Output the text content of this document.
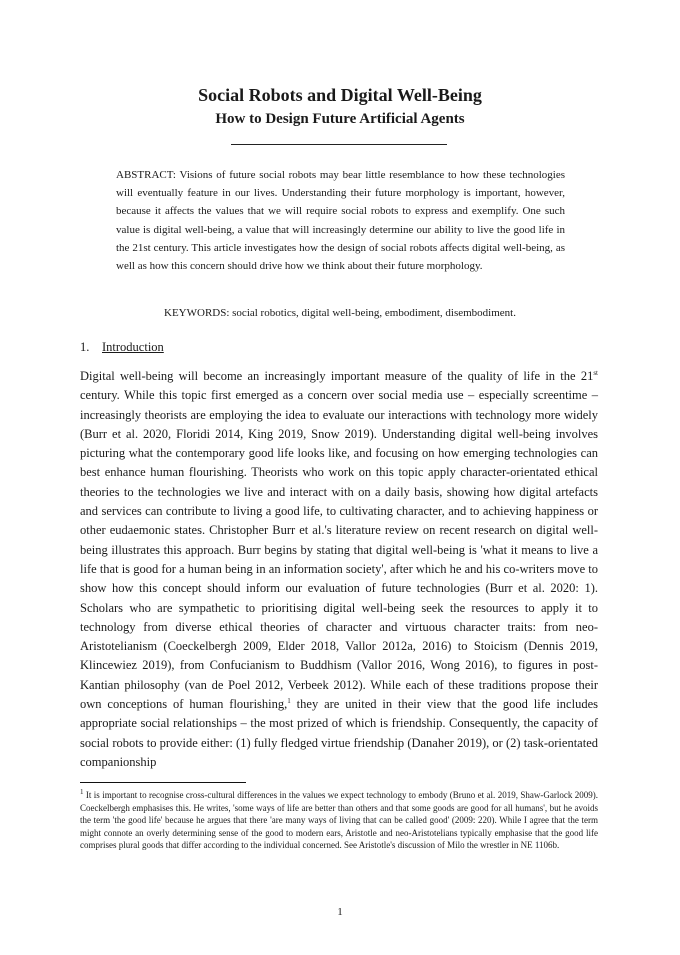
Social Robots and Digital Well-Being
How to Design Future Artificial Agents

ABSTRACT: Visions of future social robots may bear little resemblance to how these technologies will eventually feature in our lives. Understanding their future morphology is important, however, because it affects the values that we will require social robots to express and exemplify. One such value is digital well-being, a value that will increasingly determine our ability to live the good life in the 21st century. This article investigates how the design of social robots affects digital well-being, as well as how this concern should drive how we think about their future morphology.

KEYWORDS: social robotics, digital well-being, embodiment, disembodiment.
1. Introduction

Digital well-being will become an increasingly important measure of the quality of life in the 21st century. While this topic first emerged as a concern over social media use – especially screentime – increasingly theorists are employing the idea to evaluate our interactions with technology more widely (Burr et al. 2020, Floridi 2014, King 2019, Snow 2019). Understanding digital well-being involves picturing what the contemporary good life looks like, and focusing on how emerging technologies can best enhance human flourishing. Theorists who work on this topic apply character-orientated ethical theories to the technologies we live and interact with on a daily basis, showing how digital artefacts and services can contribute to living a good life, to cultivating character, and to achieving happiness or other eudaemonic states. Christopher Burr et al.'s literature review on recent research on digital well-being illustrates this approach. Burr begins by stating that digital well-being is 'what it means to live a life that is good for a human being in an information society', after which he and his co-writers move to show how this concept should inform our evaluation of future technologies (Burr et al. 2020: 1). Scholars who are sympathetic to prioritising digital well-being seek the resources to apply it to technology from diverse ethical theories of character and virtuous character traits: from neo-Aristotelianism (Coeckelbergh 2009, Elder 2018, Vallor 2012a, 2016) to Stoicism (Dennis 2019, Klincewiez 2019), from Confucianism to Buddhism (Vallor 2016, Wong 2016), to figures in post-Kantian philosophy (van de Poel 2012, Verbeek 2012). While each of these traditions propose their own conceptions of human flourishing,$^1$ they are united in their view that the good life includes appropriate social relationships – the most prized of which is friendship. Consequently, the capacity of social robots to provide either: (1) fully fledged virtue friendship (Danaher 2019), or (2) task-orientated companionship

$^1$ It is important to recognise cross-cultural differences in the values we expect technology to embody (Bruno et al. 2019, Shaw-Garlock 2009). Coeckelbergh emphasises this. He writes, 'some ways of life are better than others and that some goods are good for all humans', but he avoids the term 'the good life' because he argues that there 'are many ways of living that can be called good' (2009: 220). While I agree that the term might connote an overly determining sense of the good to modern ears, Aristotle and neo-Aristotelians typically emphasise that the good life comprises plural goods that differ according to the individual concerned. See Aristotle's discussion of Milo the wrestler in NE 1106b.

1
